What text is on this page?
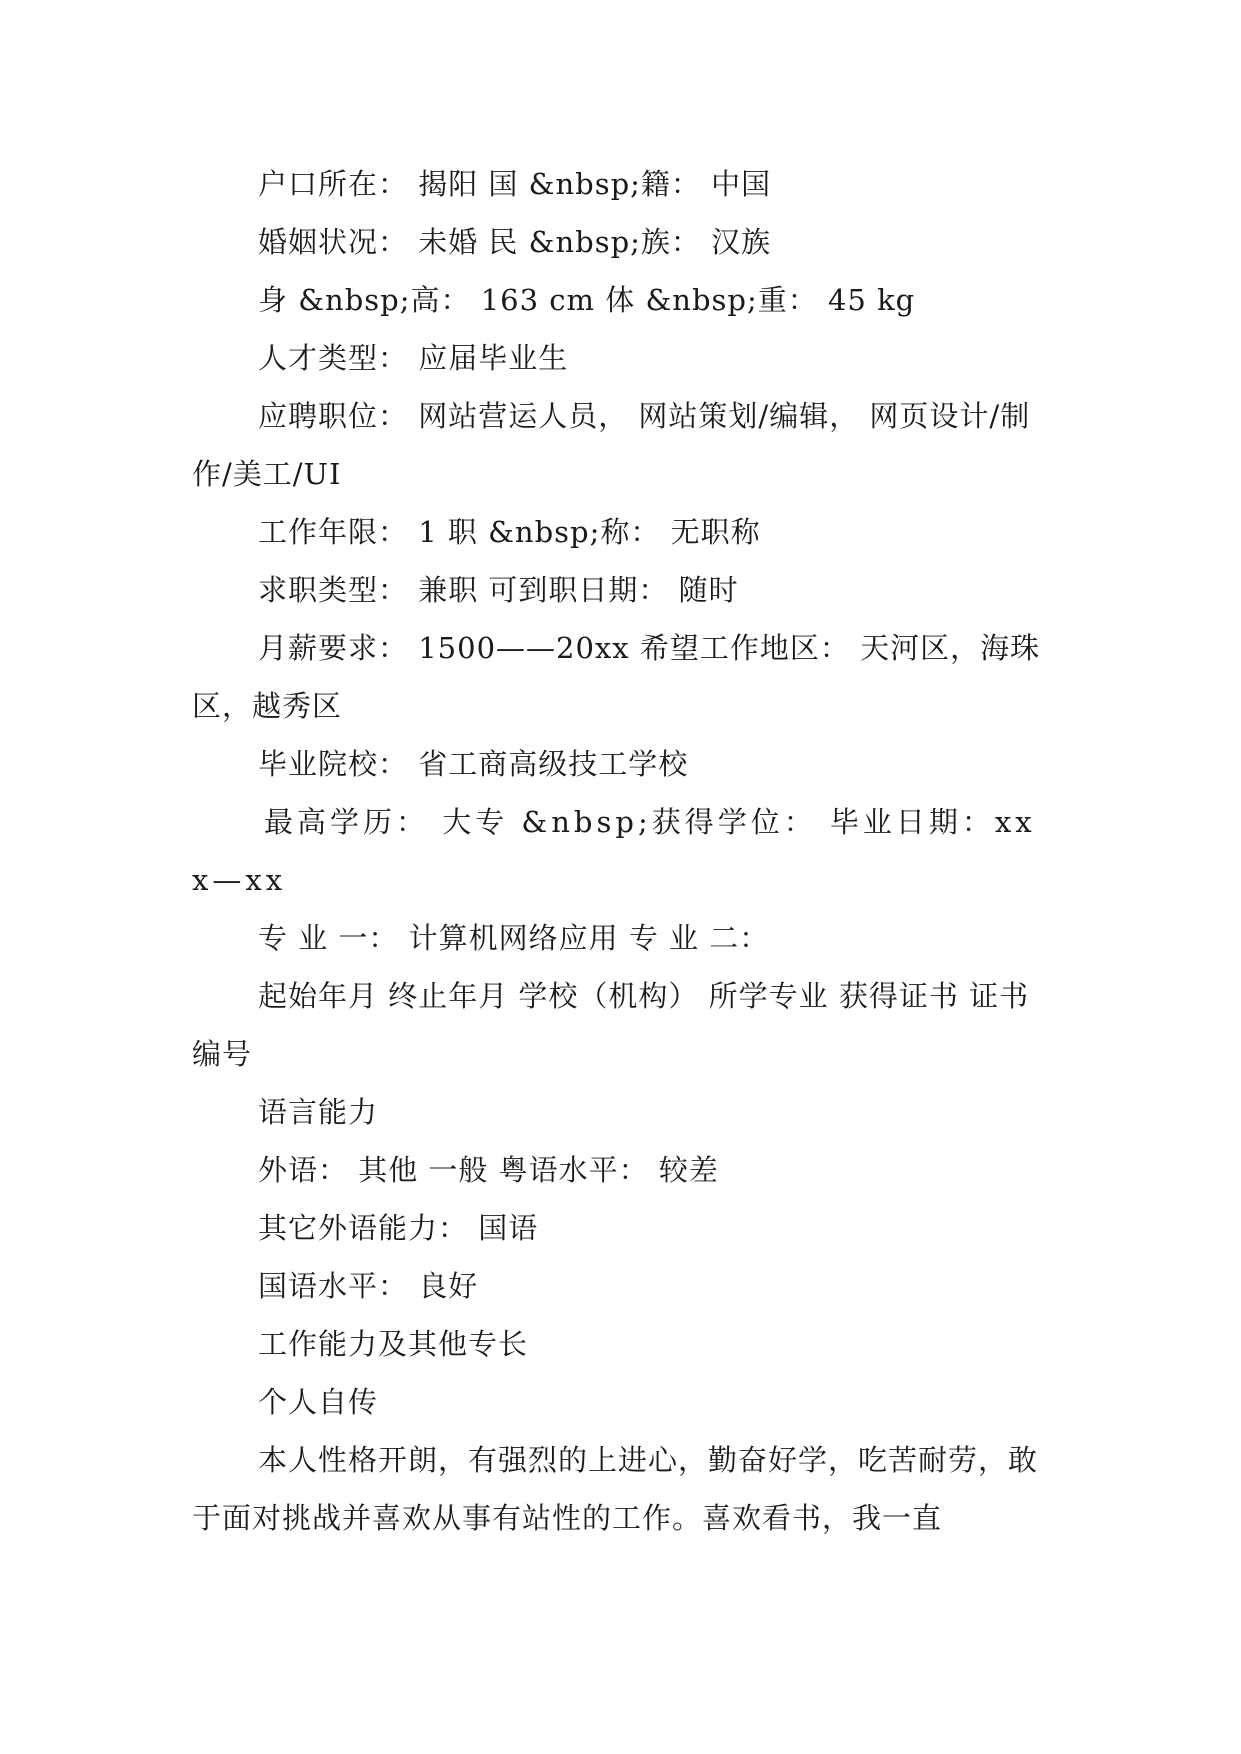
户口所在： 揭阳 国 &nbsp;籍： 中国

婚姻状况： 未婚 民 &nbsp;族： 汉族

身 &nbsp;高： 163 cm 体 &nbsp;重： 45 kg

人才类型： 应届毕业生

应聘职位： 网站营运人员， 网站策划/编辑， 网页设计/制作/美工/UI

工作年限： 1 职 &nbsp;称： 无职称

求职类型： 兼职 可到职日期： 随时

月薪要求： 1500——20xx 希望工作地区： 天河区，海珠区，越秀区

毕业院校： 省工商高级技工学校

最高学历： 大专 &nbsp;获得学位： 毕业日期：xxx—xx

专 业 一： 计算机网络应用 专 业 二：

起始年月 终止年月 学校（机构） 所学专业 获得证书 证书编号

语言能力

外语： 其他 一般 粤语水平： 较差

其它外语能力： 国语

国语水平： 良好

工作能力及其他专长

个人自传

本人性格开朗，有强烈的上进心，勤奋好学，吃苦耐劳，敢于面对挑战并喜欢从事有站性的工作。喜欢看书，我一直
